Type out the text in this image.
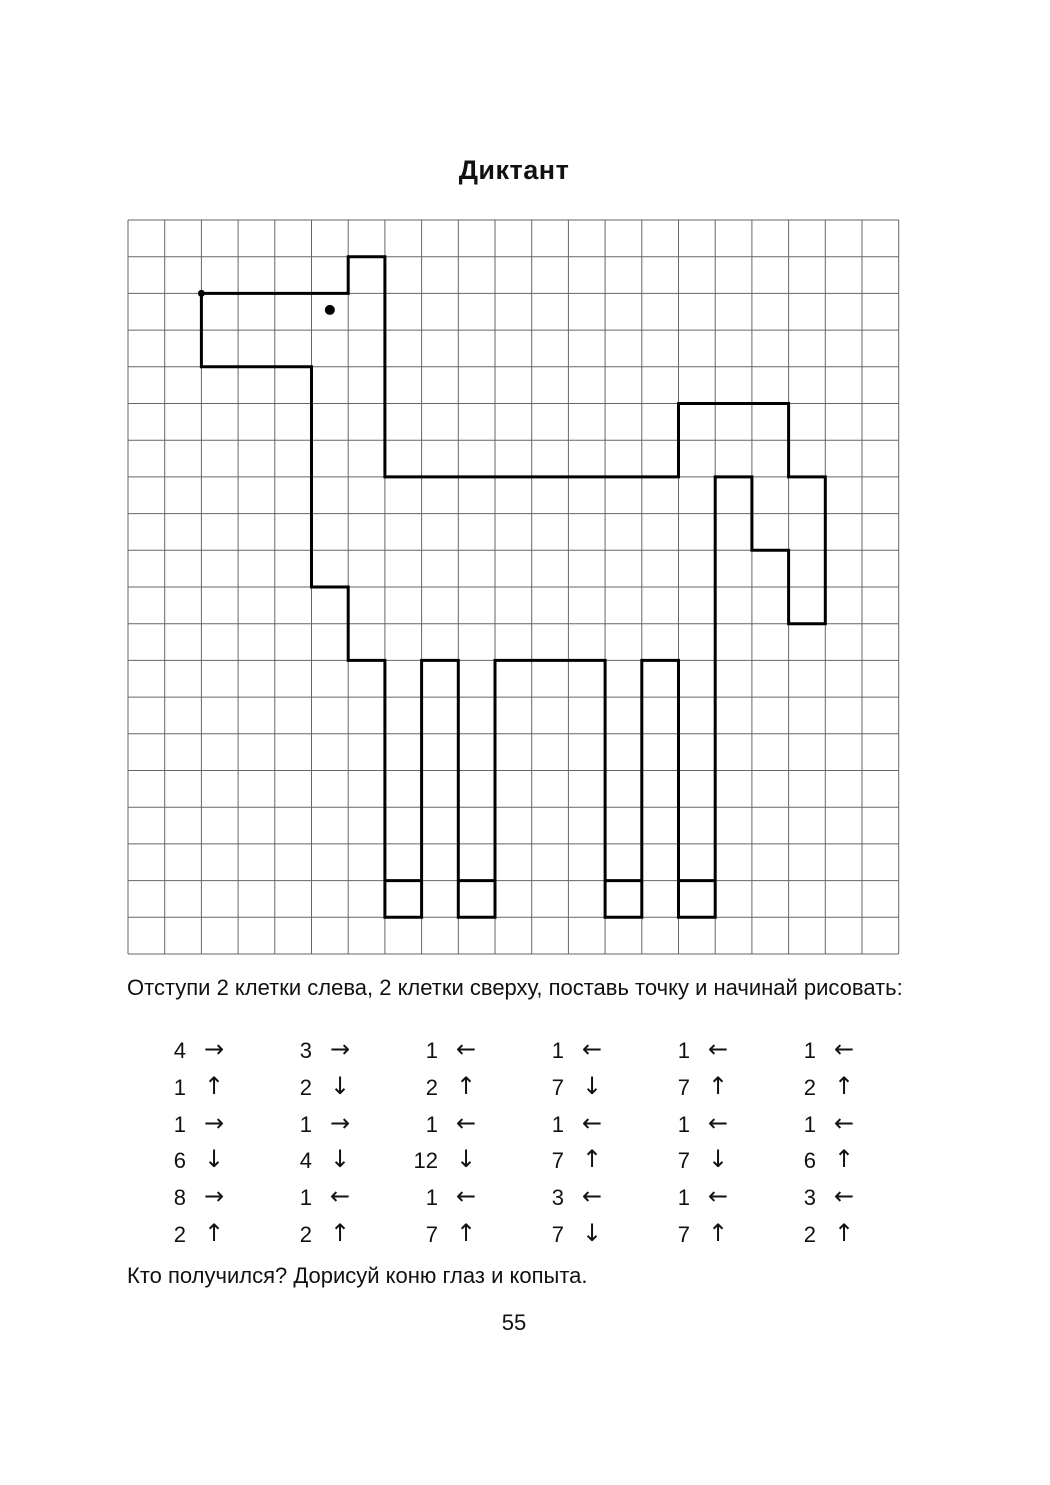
Диктант
Отступи 2 клетки слева, 2 клетки сверху, поставь точку и начинай рисовать:
4 →	3 →	1 ←	1 ←	1 ←	1 ←
1 ↑	2 ↓	2 ↑	7 ↓	7 ↑	2 ↑
1 →	1 →	1 ←	1 ←	1 ←	1 ←
6 ↓	4 ↓	12 ↓	7 ↑	7 ↓	6 ↑
8 →	1 ←	1 ←	3 ←	1 ←	3 ←
2 ↑	2 ↑	7 ↑	7 ↓	7 ↑	2 ↑
Кто получился? Дорисуй коню глаз и копыта.
55
